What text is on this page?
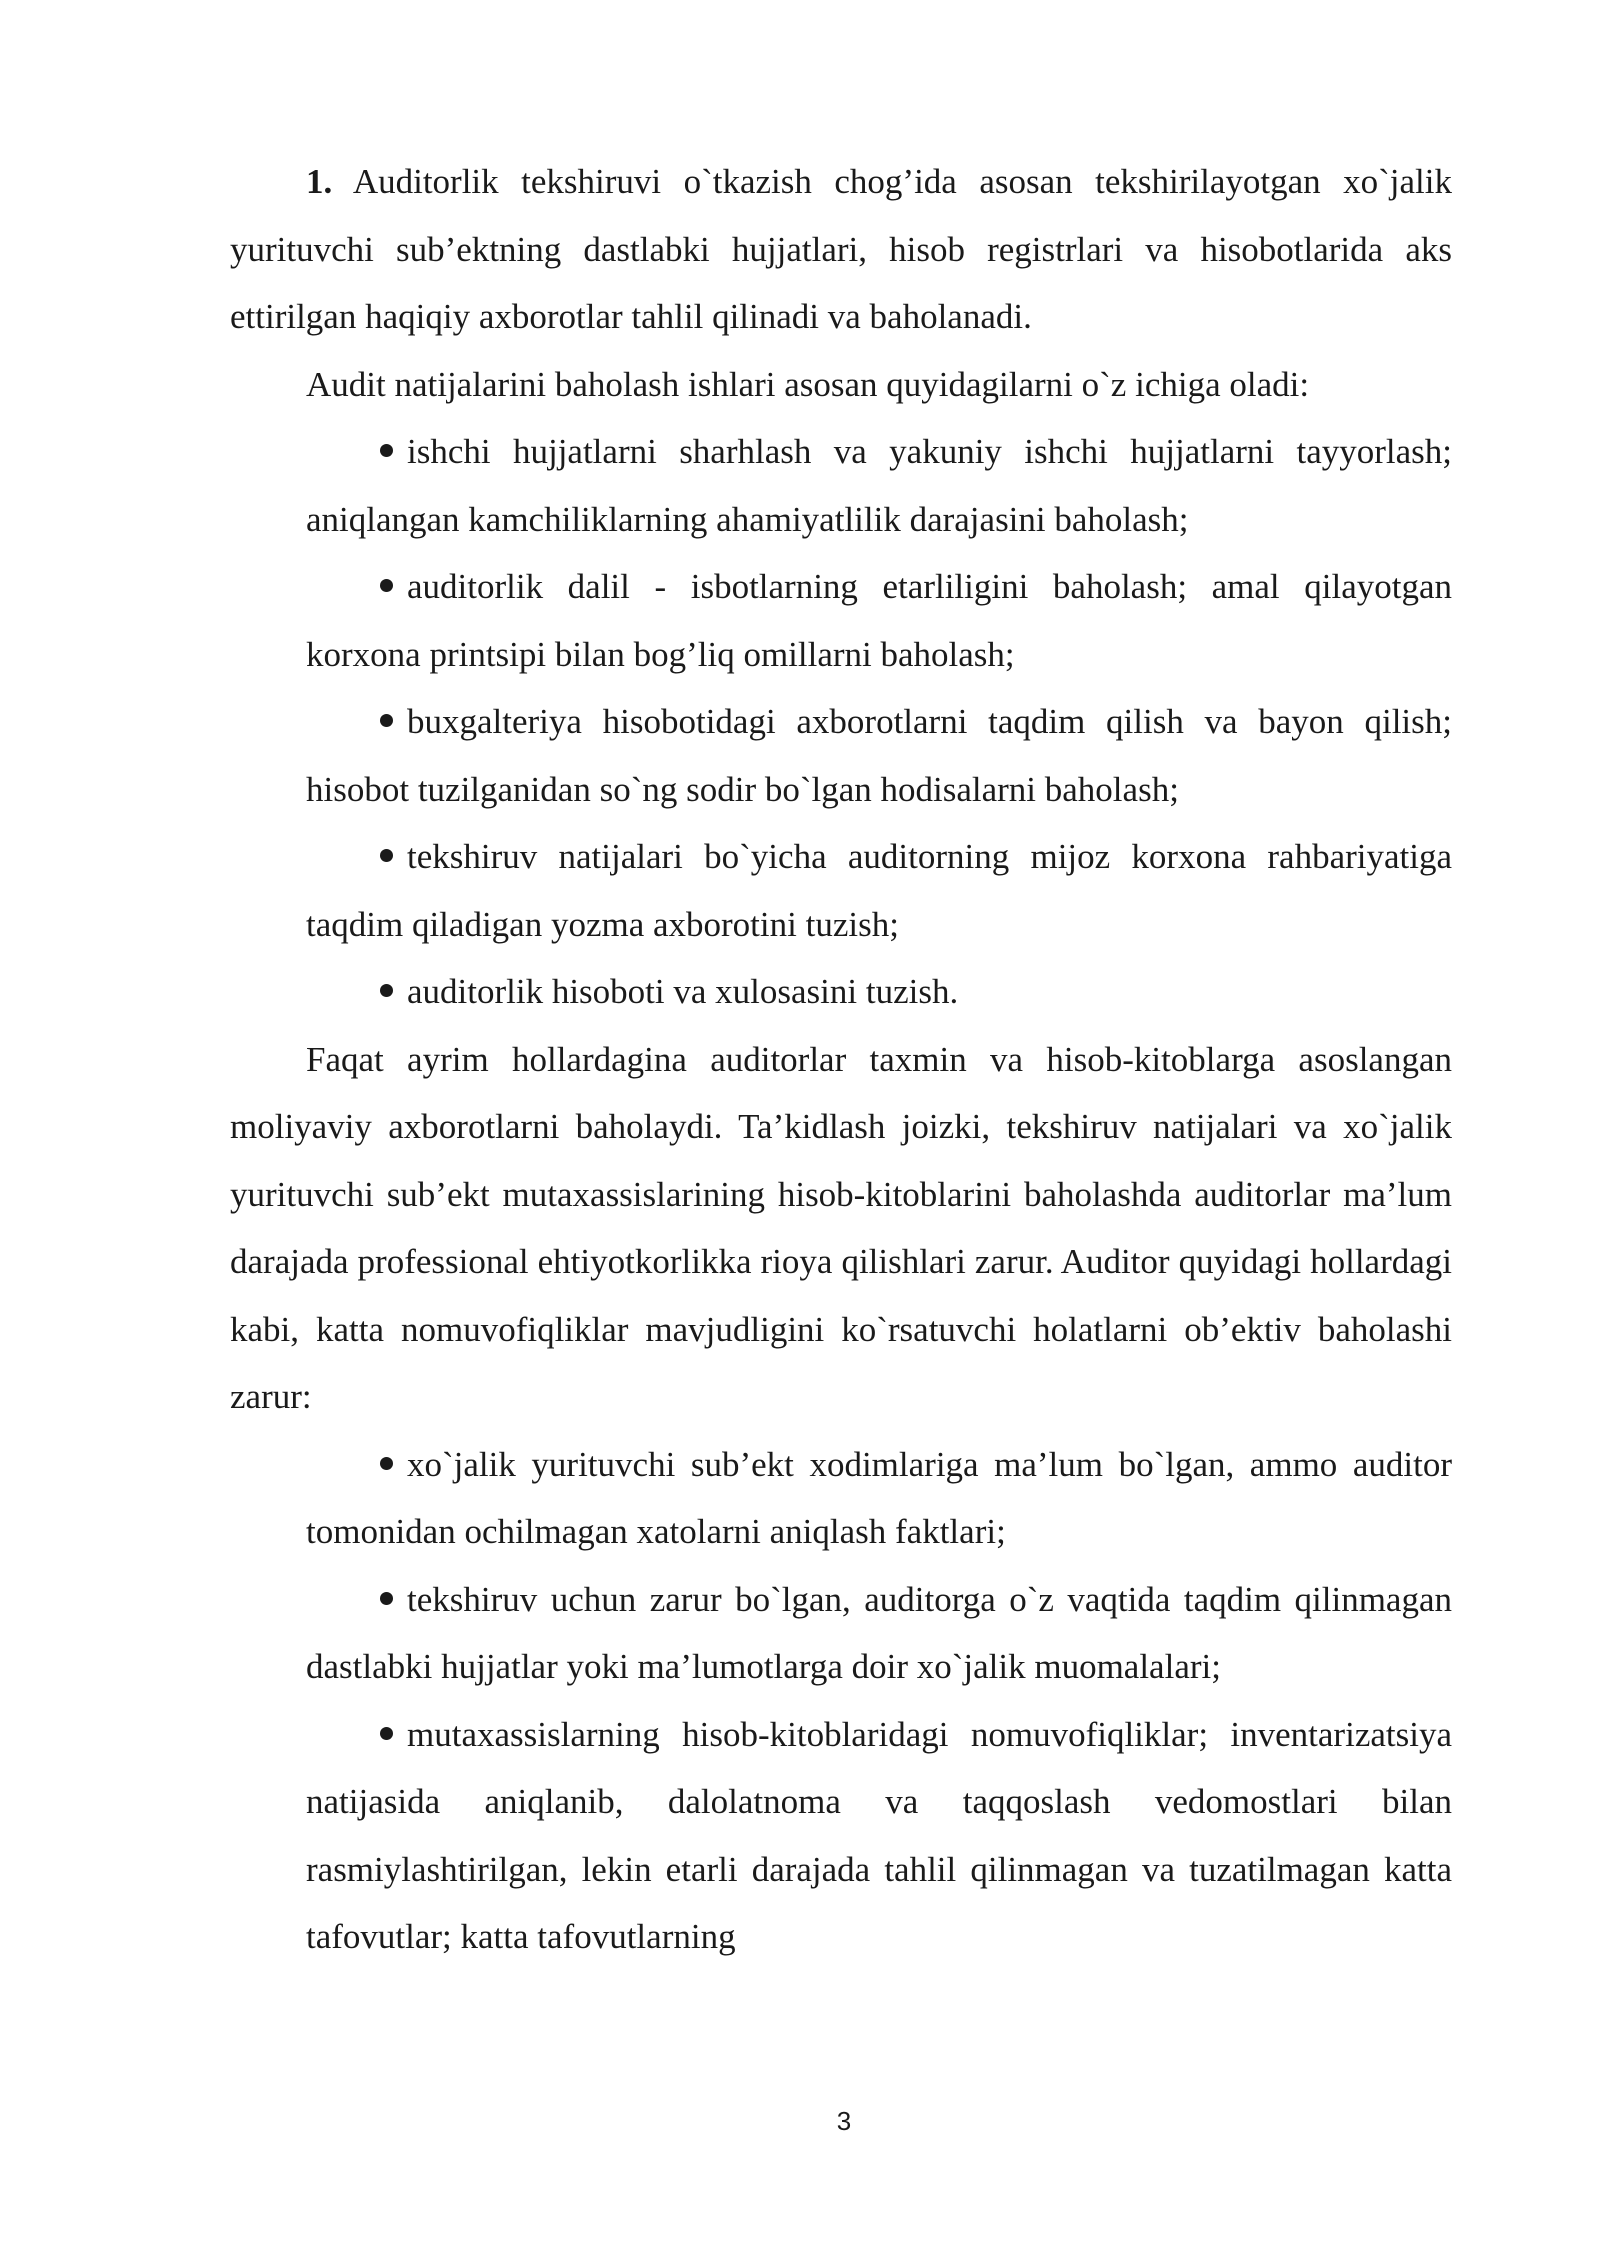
1. Auditorlik tekshiruvi o`tkazish chog’ida asosan tekshirilayotgan xo`jalik yurituvchi sub’ektning dastlabki hujjatlari, hisob registrlari va hisobotlarida aks ettirilgan haqiqiy axborotlar tahlil qilinadi va baholanadi.

Audit natijalarini baholash ishlari asosan quyidagilarni o`z ichiga oladi:

ishchi hujjatlarni sharhlash va yakuniy ishchi hujjatlarni tayyorlash; aniqlangan kamchiliklarning ahamiyatlilik darajasini baholash;
auditorlik dalil - isbotlarning etarliligini baholash; amal qilayotgan korxona printsipi bilan bog’liq omillarni baholash;
buxgalteriya hisobotidagi axborotlarni taqdim qilish va bayon qilish; hisobot tuzilganidan so`ng sodir bo`lgan hodisalarni baholash;
tekshiruv natijalari bo`yicha auditorning mijoz korxona rahbariyatiga taqdim qiladigan yozma axborotini tuzish;
auditorlik hisoboti va xulosasini tuzish.

Faqat ayrim hollardagina auditorlar taxmin va hisob-kitoblarga asoslangan moliyaviy axborotlarni baholaydi. Ta’kidlash joizki, tekshiruv natijalari va xo`jalik yurituvchi sub’ekt mutaxassislarining hisob-kitoblarini baholashda auditorlar ma’lum darajada professional ehtiyotkorlikka rioya qilishlari zarur. Auditor quyidagi hollardagi kabi, katta nomuvofiqliklar mavjudligini ko`rsatuvchi holatlarni ob’ektiv baholashi zarur:

xo`jalik yurituvchi sub’ekt xodimlariga ma’lum bo`lgan, ammo auditor tomonidan ochilmagan xatolarni aniqlash faktlari;
tekshiruv uchun zarur bo`lgan, auditorga o`z vaqtida taqdim qilinmagan dastlabki hujjatlar yoki ma’lumotlarga doir xo`jalik muomalalari;
mutaxassislarning hisob-kitoblaridagi nomuvofiqliklar; inventarizatsiya natijasida aniqlanib, dalolatnoma va taqqoslash vedomostlari bilan rasmiylashtirilgan, lekin etarli darajada tahlil qilinmagan va tuzatilmagan katta tafovutlar; katta tafovutlarning
3
